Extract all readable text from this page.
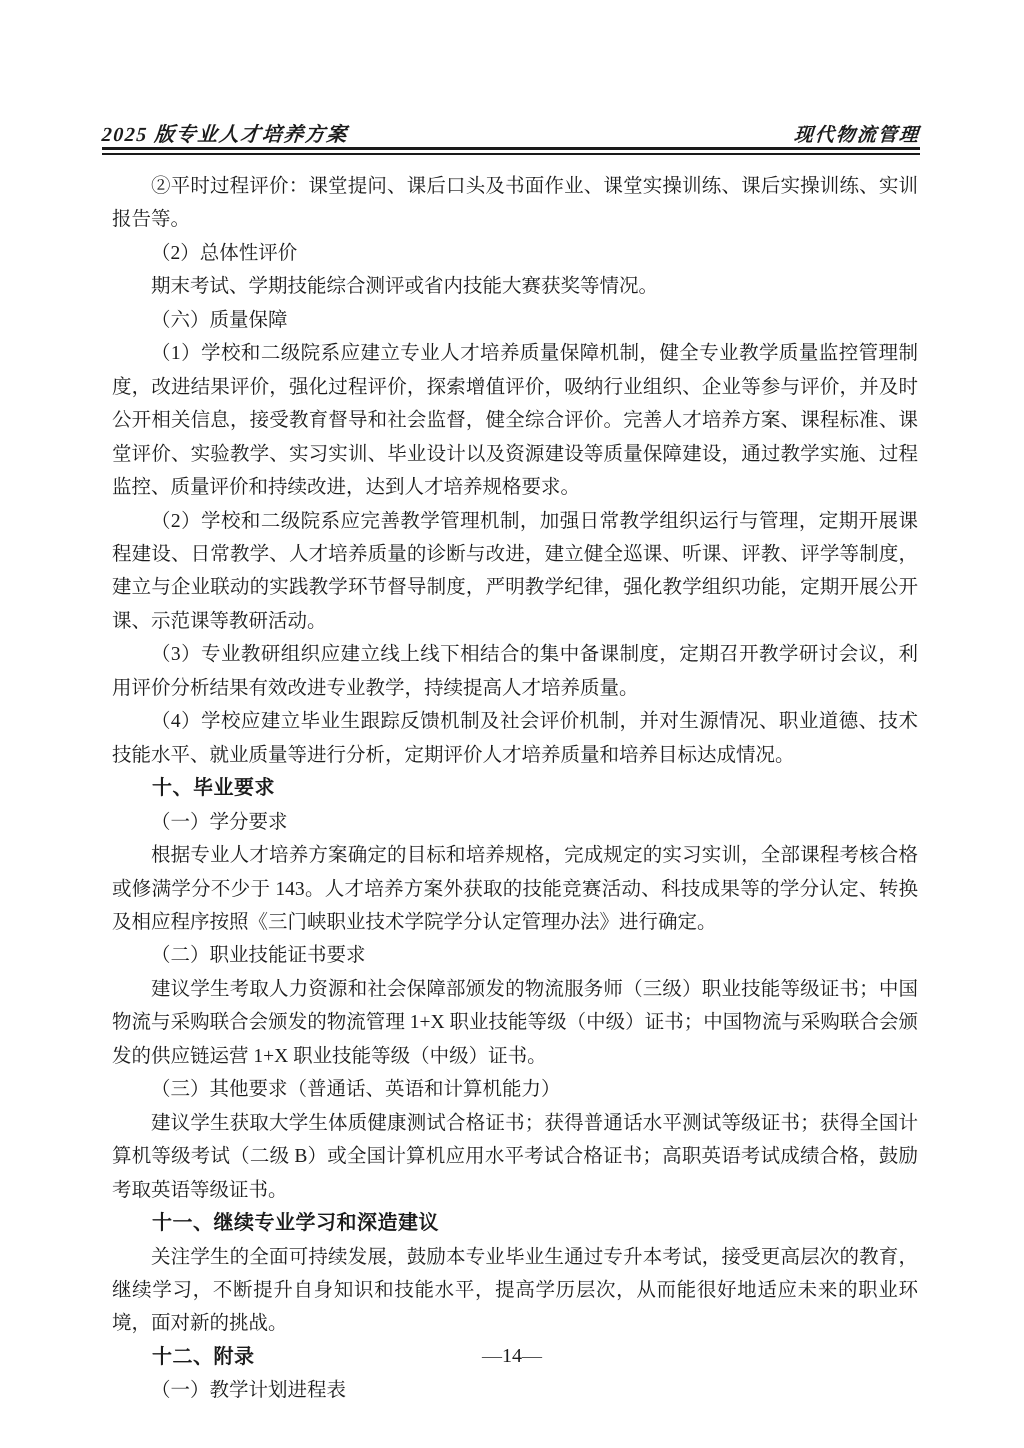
2025 版专业人才培养方案	现代物流管理

②平时过程评价：课堂提问、课后口头及书面作业、课堂实操训练、课后实操训练、实训报告等。

（2）总体性评价

期末考试、学期技能综合测评或省内技能大赛获奖等情况。

（六）质量保障

（1）学校和二级院系应建立专业人才培养质量保障机制，健全专业教学质量监控管理制度，改进结果评价，强化过程评价，探索增值评价，吸纳行业组织、企业等参与评价，并及时公开相关信息，接受教育督导和社会监督，健全综合评价。完善人才培养方案、课程标准、课堂评价、实验教学、实习实训、毕业设计以及资源建设等质量保障建设，通过教学实施、过程监控、质量评价和持续改进，达到人才培养规格要求。

（2）学校和二级院系应完善教学管理机制，加强日常教学组织运行与管理，定期开展课程建设、日常教学、人才培养质量的诊断与改进，建立健全巡课、听课、评教、评学等制度，建立与企业联动的实践教学环节督导制度，严明教学纪律，强化教学组织功能，定期开展公开课、示范课等教研活动。

（3）专业教研组织应建立线上线下相结合的集中备课制度，定期召开教学研讨会议，利用评价分析结果有效改进专业教学，持续提高人才培养质量。

（4）学校应建立毕业生跟踪反馈机制及社会评价机制，并对生源情况、职业道德、技术技能水平、就业质量等进行分析，定期评价人才培养质量和培养目标达成情况。

十、毕业要求

（一）学分要求

根据专业人才培养方案确定的目标和培养规格，完成规定的实习实训，全部课程考核合格或修满学分不少于 143。人才培养方案外获取的技能竞赛活动、科技成果等的学分认定、转换及相应程序按照《三门峡职业技术学院学分认定管理办法》进行确定。

（二）职业技能证书要求

建议学生考取人力资源和社会保障部颁发的物流服务师（三级）职业技能等级证书；中国物流与采购联合会颁发的物流管理 1+X 职业技能等级（中级）证书；中国物流与采购联合会颁发的供应链运营 1+X 职业技能等级（中级）证书。

（三）其他要求（普通话、英语和计算机能力）

建议学生获取大学生体质健康测试合格证书；获得普通话水平测试等级证书；获得全国计算机等级考试（二级 B）或全国计算机应用水平考试合格证书；高职英语考试成绩合格，鼓励考取英语等级证书。

十一、继续专业学习和深造建议

关注学生的全面可持续发展，鼓励本专业毕业生通过专升本考试，接受更高层次的教育，继续学习，不断提升自身知识和技能水平，提高学历层次，从而能很好地适应未来的职业环境，面对新的挑战。

十二、附录

（一）教学计划进程表

—14—
